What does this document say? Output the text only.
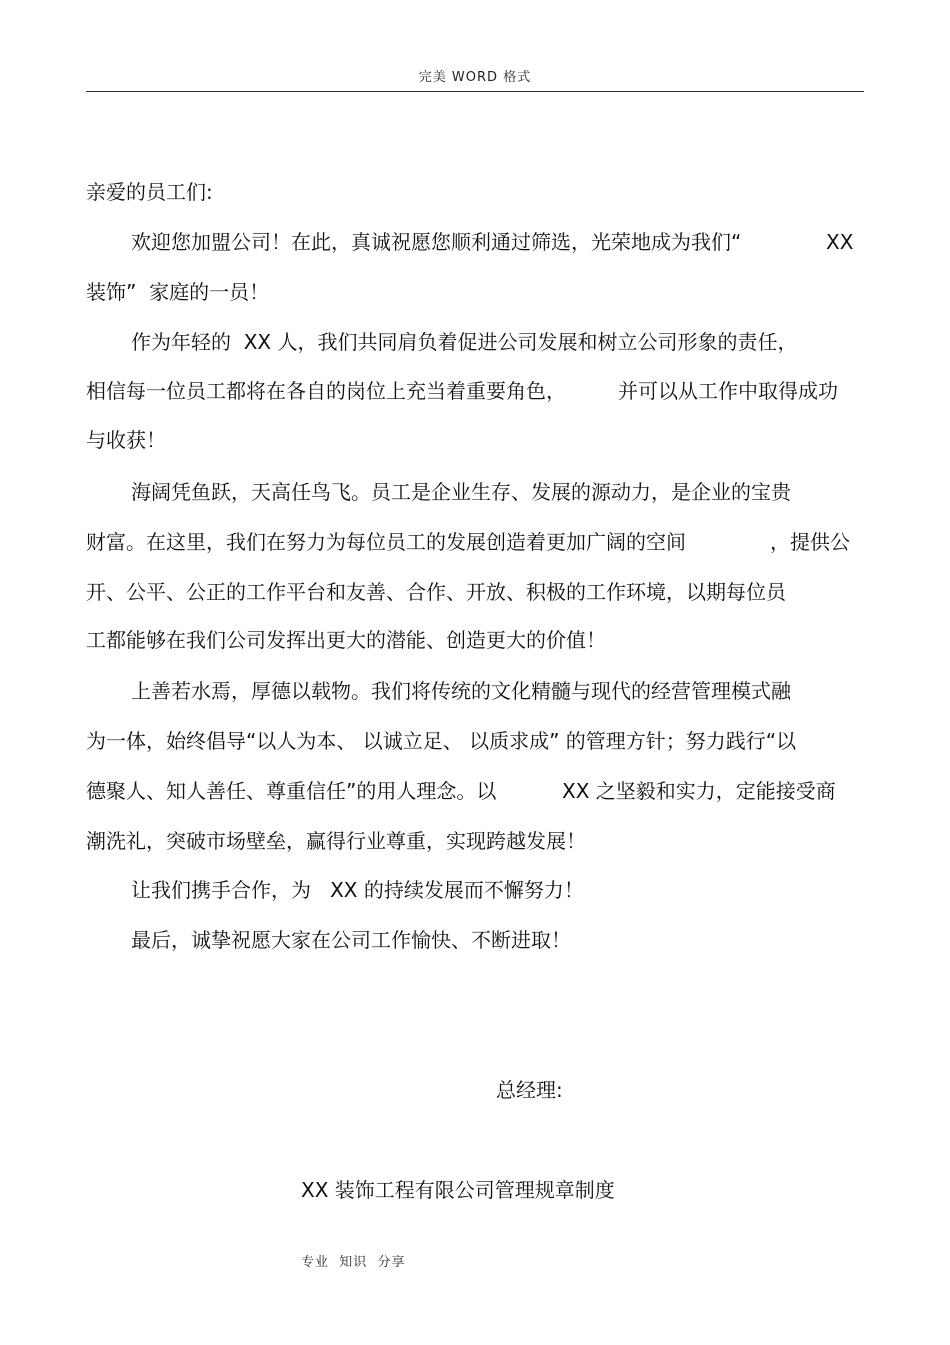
完美 WORD 格式
亲爱的员工们:
欢迎您加盟公司！在此，真诚祝愿您顺利通过筛选，光荣地成为我们“	XX
装饰”  家庭的一员！
作为年轻的  XX 人，我们共同肩负着促进公司发展和树立公司形象的责任，
相信每一位员工都将在各自的岗位上充当着重要角色，	并可以从工作中取得成功
与收获！
海阔凭鱼跃，天高任鸟飞。员工是企业生存、发展的源动力，是企业的宝贵
财富。在这里，我们在努力为每位员工的发展创造着更加广阔的空间	，提供公
开、公平、公正的工作平台和友善、合作、开放、积极的工作环境，以期每位员
工都能够在我们公司发挥出更大的潜能、创造更大的价值！
上善若水焉，厚德以载物。我们将传统的文化精髓与现代的经营管理模式融
为一体，始终倡导“以人为本、 以诚立足、 以质求成” 的管理方针；努力践行“以
德聚人、知人善任、尊重信任”的用人理念。以	XX 之坚毅和实力，定能接受商
潮洗礼，突破市场壁垒，赢得行业尊重，实现跨越发展！
让我们携手合作，为   XX 的持续发展而不懈努力！
最后，诚挚祝愿大家在公司工作愉快、不断进取！
总经理:
XX 装饰工程有限公司管理规章制度
专业  知识  分享
